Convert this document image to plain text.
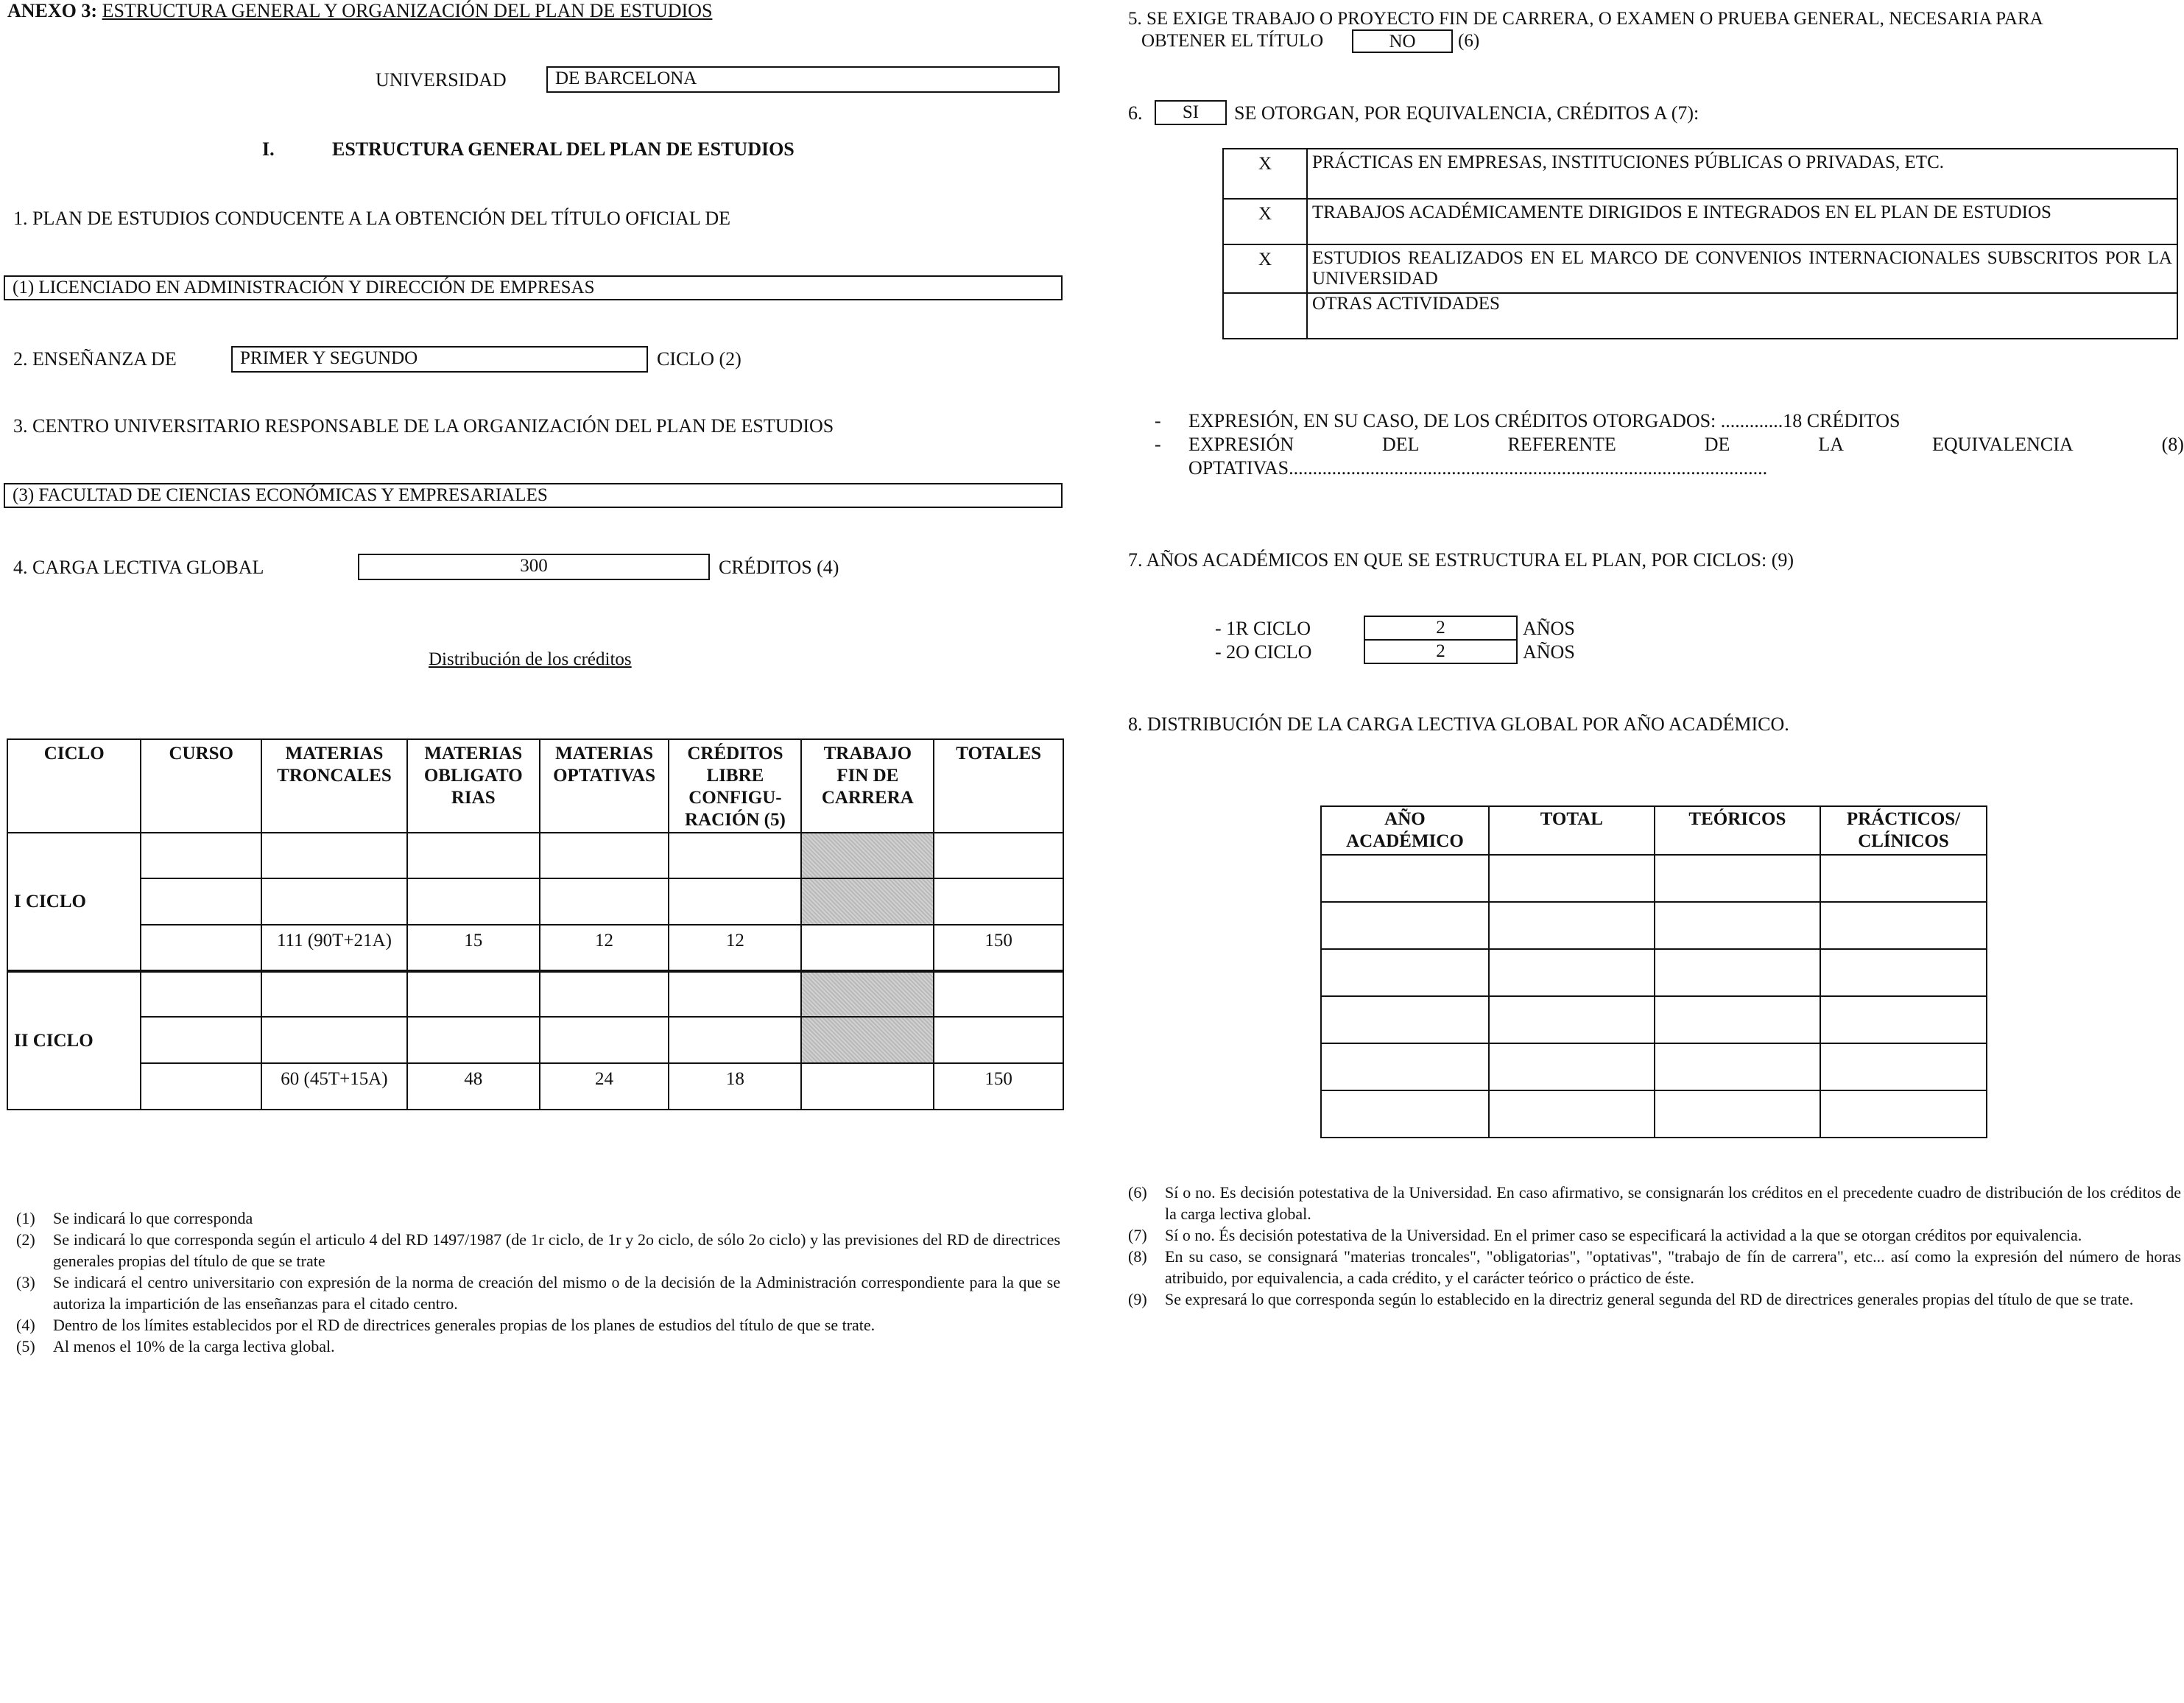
ANEXO 3: ESTRUCTURA GENERAL Y ORGANIZACIÓN DEL PLAN DE ESTUDIOS
UNIVERSIDAD	DE BARCELONA
I.	ESTRUCTURA GENERAL DEL PLAN DE ESTUDIOS
1. PLAN DE ESTUDIOS CONDUCENTE A LA OBTENCIÓN DEL TÍTULO OFICIAL DE
(1) LICENCIADO EN ADMINISTRACIÓN Y DIRECCIÓN DE EMPRESAS
2. ENSEÑANZA DE	PRIMER Y SEGUNDO	CICLO (2)
3. CENTRO UNIVERSITARIO RESPONSABLE DE LA ORGANIZACIÓN DEL PLAN DE ESTUDIOS
(3) FACULTAD DE CIENCIAS ECONÓMICAS Y EMPRESARIALES
4. CARGA LECTIVA GLOBAL	300	CRÉDITOS (4)
Distribución de los créditos
CICLO	CURSO	MATERIAS TRONCALES	MATERIAS OBLIGATO RIAS	MATERIAS OPTATIVAS	CRÉDITOS LIBRE CONFIGU- RACIÓN (5)	TRABAJO FIN DE CARRERA	TOTALES
I CICLO							

		111 (90T+21A)	15	12	12		150
II CICLO							

		60 (45T+15A)	48	24	18		150
(1)	Se indicará lo que corresponda
(2)	Se indicará lo que corresponda según el articulo 4 del RD 1497/1987 (de 1r ciclo, de 1r y 2o ciclo, de sólo 2o ciclo) y las previsiones del RD de directrices generales propias del título de que se trate
(3)	Se indicará el centro universitario con expresión de la norma de creación del mismo o de la decisión de la Administración correspondiente para la que se autoriza la impartición de las enseñanzas para el citado centro.
(4)	Dentro de los límites establecidos por el RD de directrices generales propias de los planes de estudios del título de que se trate.
(5)	Al menos el 10% de la carga lectiva global.
5. SE EXIGE TRABAJO O PROYECTO FIN DE CARRERA, O EXAMEN O PRUEBA GENERAL, NECESARIA PARA
OBTENER EL TÍTULO	NO	(6)
6.	SI	SE OTORGAN, POR EQUIVALENCIA, CRÉDITOS A (7):
X	PRÁCTICAS EN EMPRESAS, INSTITUCIONES PÚBLICAS O PRIVADAS, ETC.
X	TRABAJOS ACADÉMICAMENTE DIRIGIDOS E INTEGRADOS EN EL PLAN DE ESTUDIOS
X	ESTUDIOS REALIZADOS EN EL MARCO DE CONVENIOS INTERNACIONALES SUBSCRITOS POR LA UNIVERSIDAD
	OTRAS ACTIVIDADES
- EXPRESIÓN, EN SU CASO, DE LOS CRÉDITOS OTORGADOS: .............18 CRÉDITOS
- EXPRESIÓN	DEL	REFERENTE	DE	LA	EQUIVALENCIA	(8)
OPTATIVAS....................................................................................................
7. AÑOS ACADÉMICOS EN QUE SE ESTRUCTURA EL PLAN, POR CICLOS: (9)
- 1R CICLO	2	AÑOS
- 2O CICLO	2	AÑOS
8. DISTRIBUCIÓN DE LA CARGA LECTIVA GLOBAL POR AÑO ACADÉMICO.
AÑO ACADÉMICO	TOTAL	TEÓRICOS	PRÁCTICOS/ CLÍNICOS

(6)	Sí o no. Es decisión potestativa de la Universidad. En caso afirmativo, se consignarán los créditos en el precedente cuadro de distribución de los créditos de la carga lectiva global.
(7)	Sí o no. És decisión potestativa de la Universidad. En el primer caso se especificará la actividad a la que se otorgan créditos por equivalencia.
(8)	En su caso, se consignará "materias troncales", "obligatorias", "optativas", "trabajo de fín de carrera", etc... así como la expresión del número de horas atribuido, por equivalencia, a cada crédito, y el carácter teórico o práctico de éste.
(9)	Se expresará lo que corresponda según lo establecido en la directriz general segunda del RD de directrices generales propias del título de que se trate.
